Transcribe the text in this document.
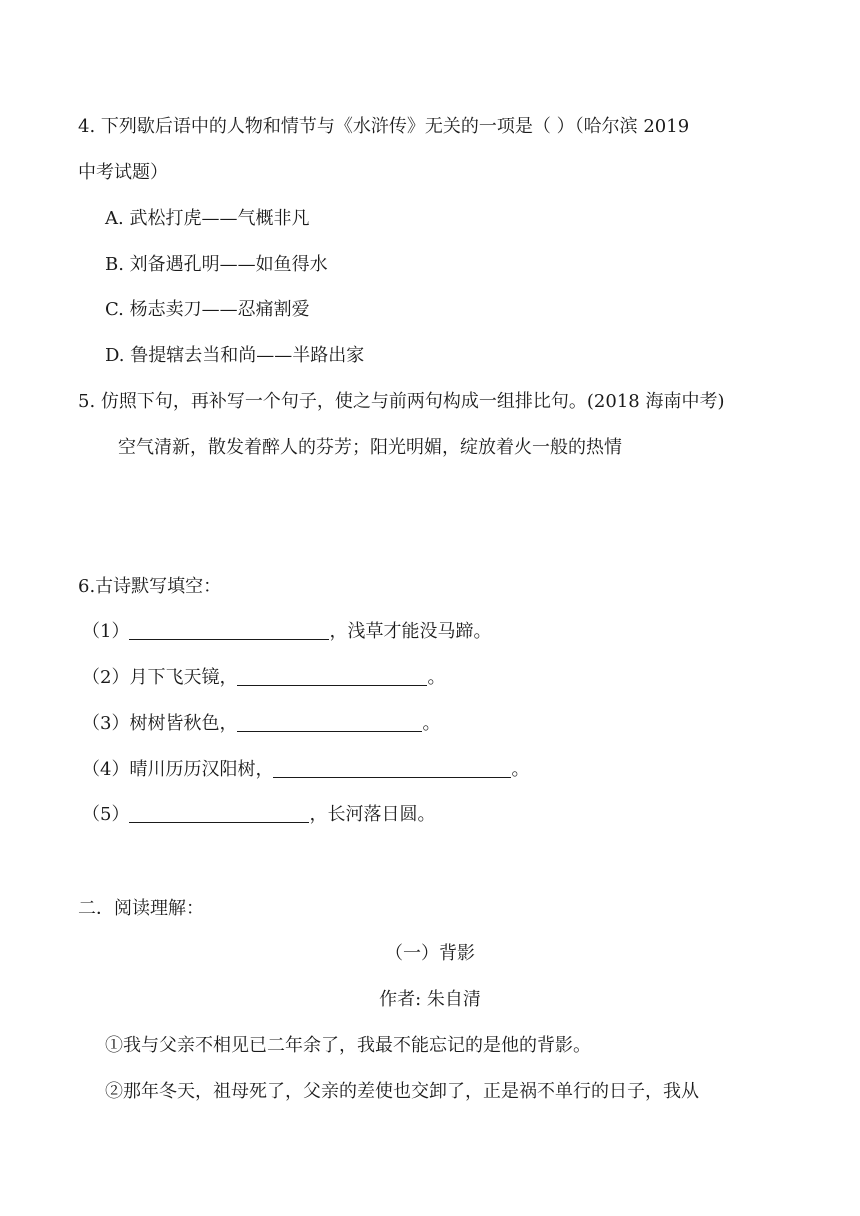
4. 下列歇后语中的人物和情节与《水浒传》无关的一项是（ ）（哈尔滨 2019
中考试题）
A. 武松打虎——气概非凡
B. 刘备遇孔明——如鱼得水
C. 杨志卖刀——忍痛割爱
D. 鲁提辖去当和尚——半路出家
5. 仿照下句，再补写一个句子，使之与前两句构成一组排比句。(2018 海南中考)
空气清新，散发着醉人的芬芳；阳光明媚，绽放着火一般的热情
6.古诗默写填空：
（1）	，浅草才能没马蹄。
（2）月下飞天镜，	。
（3）树树皆秋色，	。
（4）晴川历历汉阳树，	。
（5）	，长河落日圆。
二．阅读理解：
（一）背影
作者: 朱自清
①我与父亲不相见已二年余了，我最不能忘记的是他的背影。
②那年冬天，祖母死了，父亲的差使也交卸了，正是祸不单行的日子，我从
